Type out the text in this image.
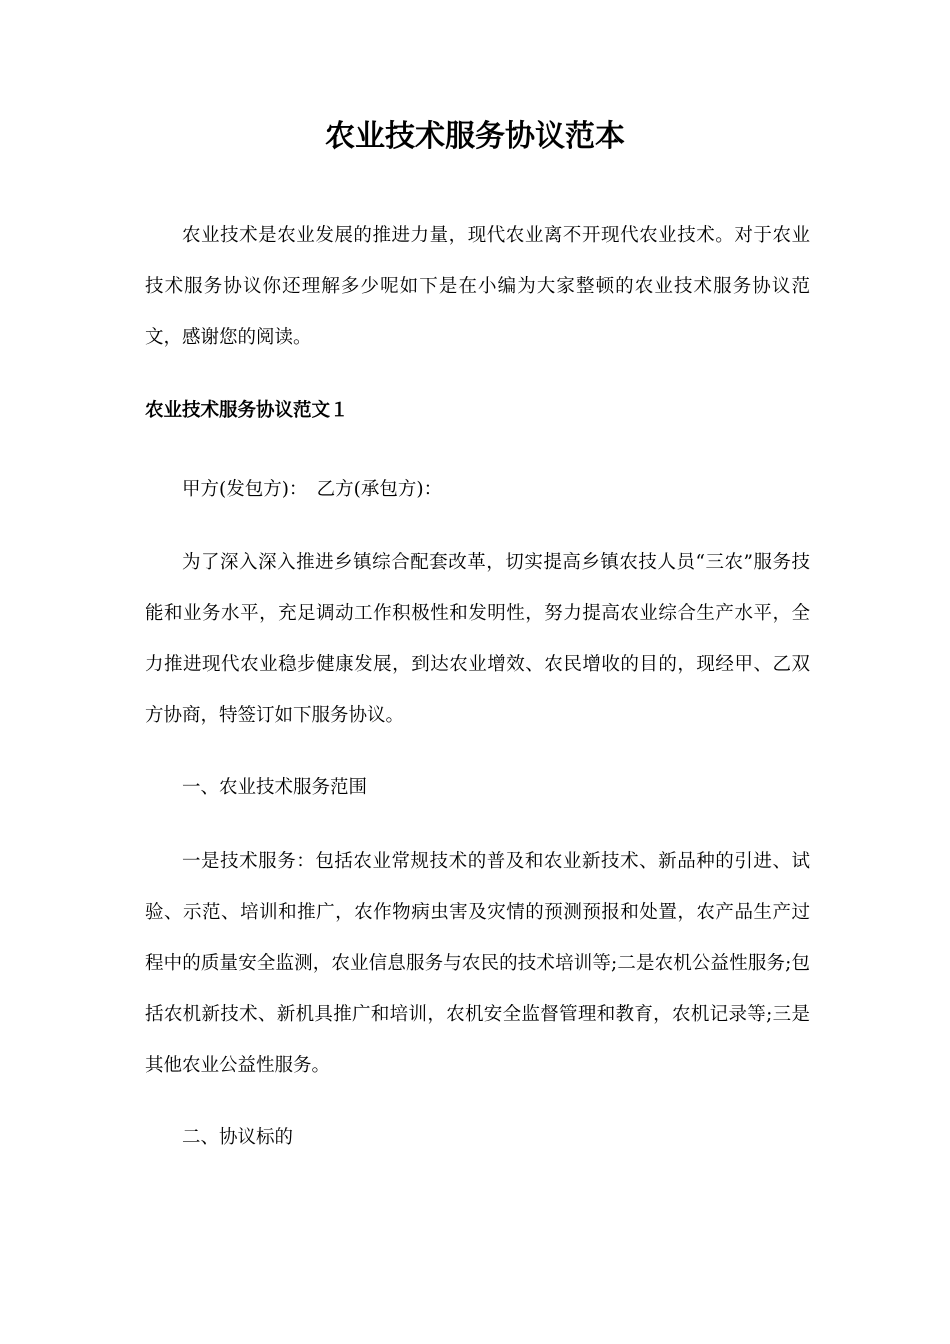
农业技术服务协议范本

农业技术是农业发展的推进力量，现代农业离不开现代农业技术。对于农业技术服务协议你还理解多少呢如下是在小编为大家整顿的农业技术服务协议范文，感谢您的阅读。

农业技术服务协议范文１

甲方(发包方)：　乙方(承包方)：

为了深入深入推进乡镇综合配套改革，切实提高乡镇农技人员“三农”服务技能和业务水平，充足调动工作积极性和发明性，努力提高农业综合生产水平，全力推进现代农业稳步健康发展，到达农业增效、农民增收的目的，现经甲、乙双方协商，特签订如下服务协议。

一、农业技术服务范围

一是技术服务：包括农业常规技术的普及和农业新技术、新品种的引进、试验、示范、培训和推广，农作物病虫害及灾情的预测预报和处置，农产品生产过程中的质量安全监测，农业信息服务与农民的技术培训等;二是农机公益性服务;包括农机新技术、新机具推广和培训，农机安全监督管理和教育，农机记录等;三是其他农业公益性服务。

二、协议标的
